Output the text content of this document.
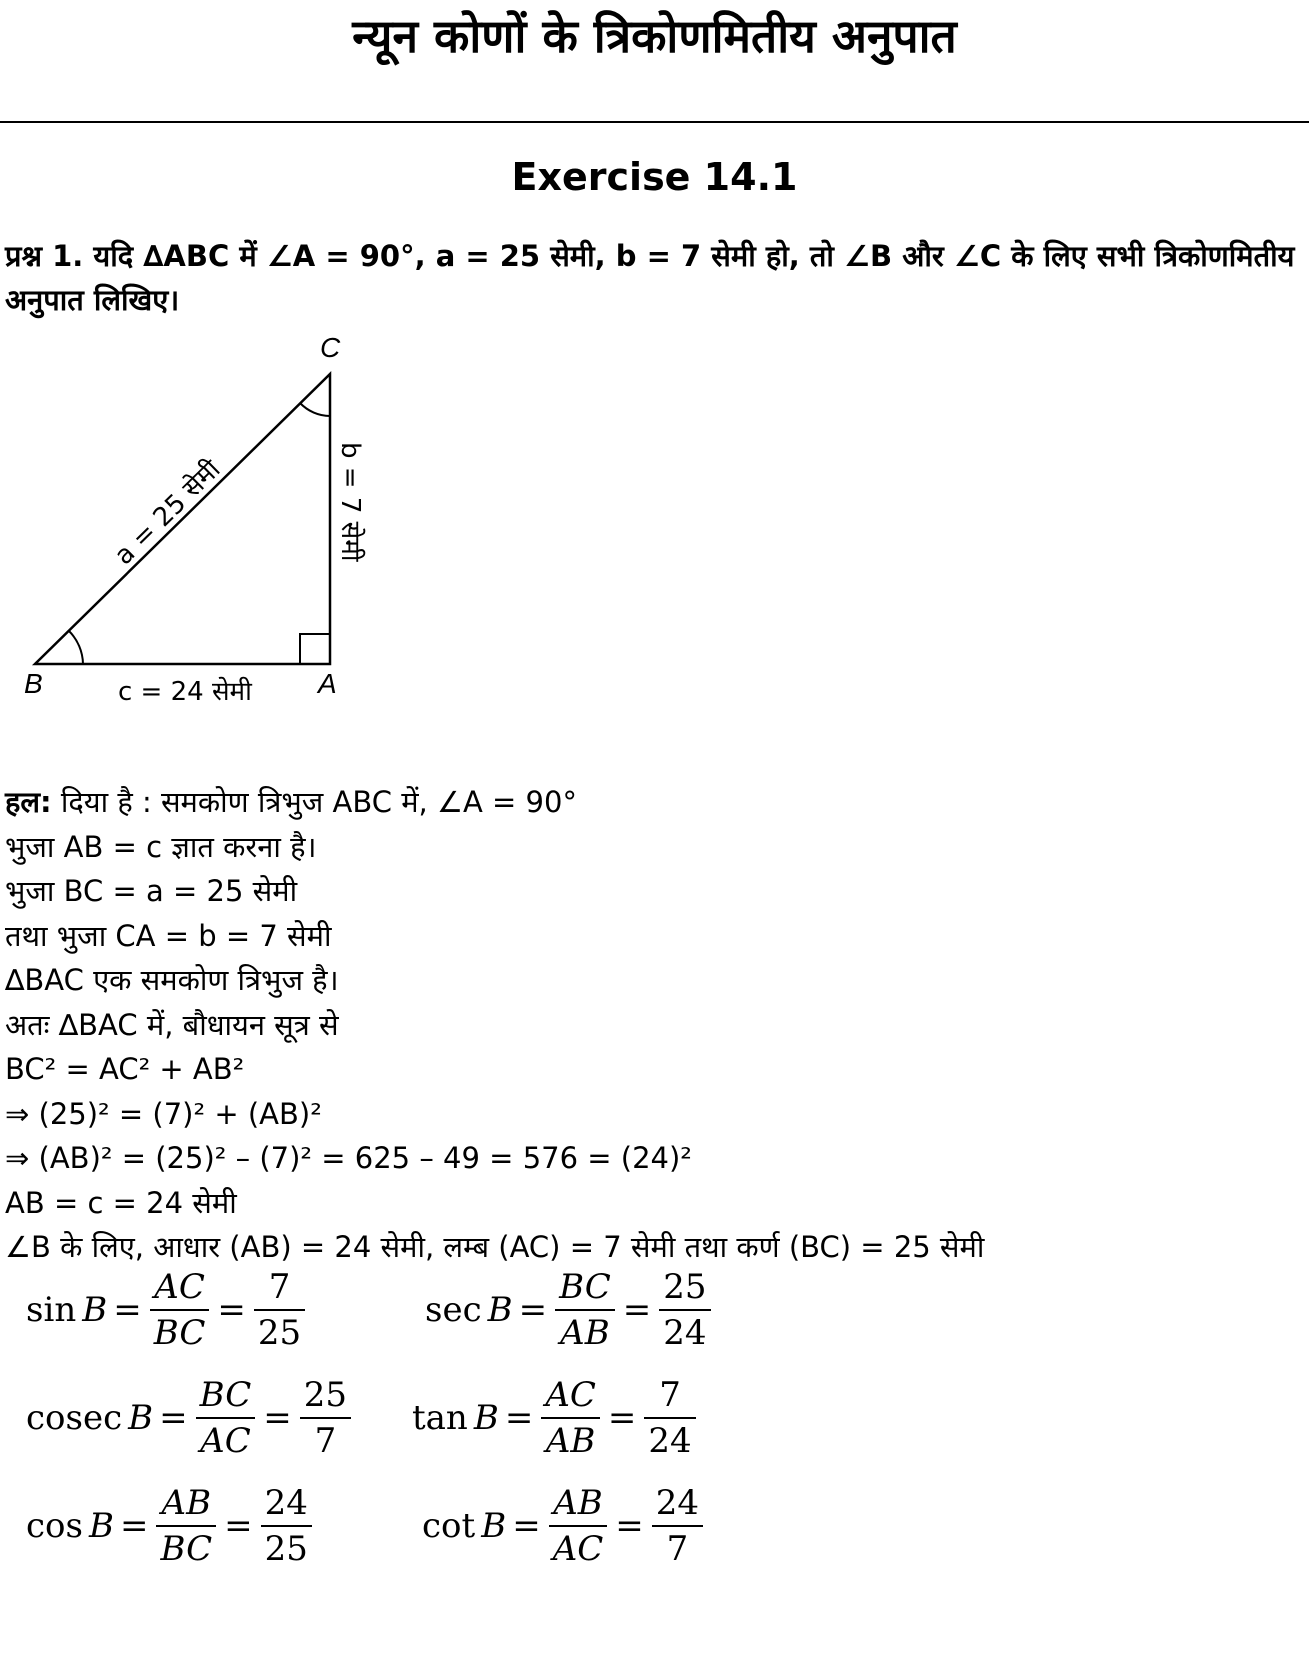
न्यून कोणों के त्रिकोणमितीय अनुपात
Exercise 14.1
प्रश्न 1. यदि ∆ABC में ∠A = 90°, a = 25 सेमी, b = 7 सेमी हो, तो ∠B और ∠C के लिए सभी त्रिकोणमितीय अनुपात लिखिए।
C
B	A
a = 25 सेमी	b = 7 सेमी
c = 24 सेमी
हल: दिया है : समकोण त्रिभुज ABC में, ∠A = 90°
भुजा AB = c ज्ञात करना है।
भुजा BC = a = 25 सेमी
तथा भुजा CA = b = 7 सेमी
∆BAC एक समकोण त्रिभुज है।
अतः ∆BAC में, बौधायन सूत्र से
BC² = AC² + AB²
⇒ (25)² = (7)² + (AB)²
⇒ (AB)² = (25)² – (7)² = 625 – 49 = 576 = (24)²
AB = c = 24 सेमी
∠B के लिए, आधार (AB) = 24 सेमी, लम्ब (AC) = 7 सेमी तथा कर्ण (BC) = 25 सेमी
$\sin B = \frac{AC}{BC} = \frac{7}{25}$	$\sec B = \frac{BC}{AB} = \frac{25}{24}$
cosec $B = \frac{BC}{AC} = \frac{25}{7}$ $\tan B = \frac{AC}{AB} = \frac{7}{24}$
$\cos B = \frac{AB}{BC} = \frac{24}{25}$	$\cot B = \frac{AB}{AC} = \frac{24}{7}$
